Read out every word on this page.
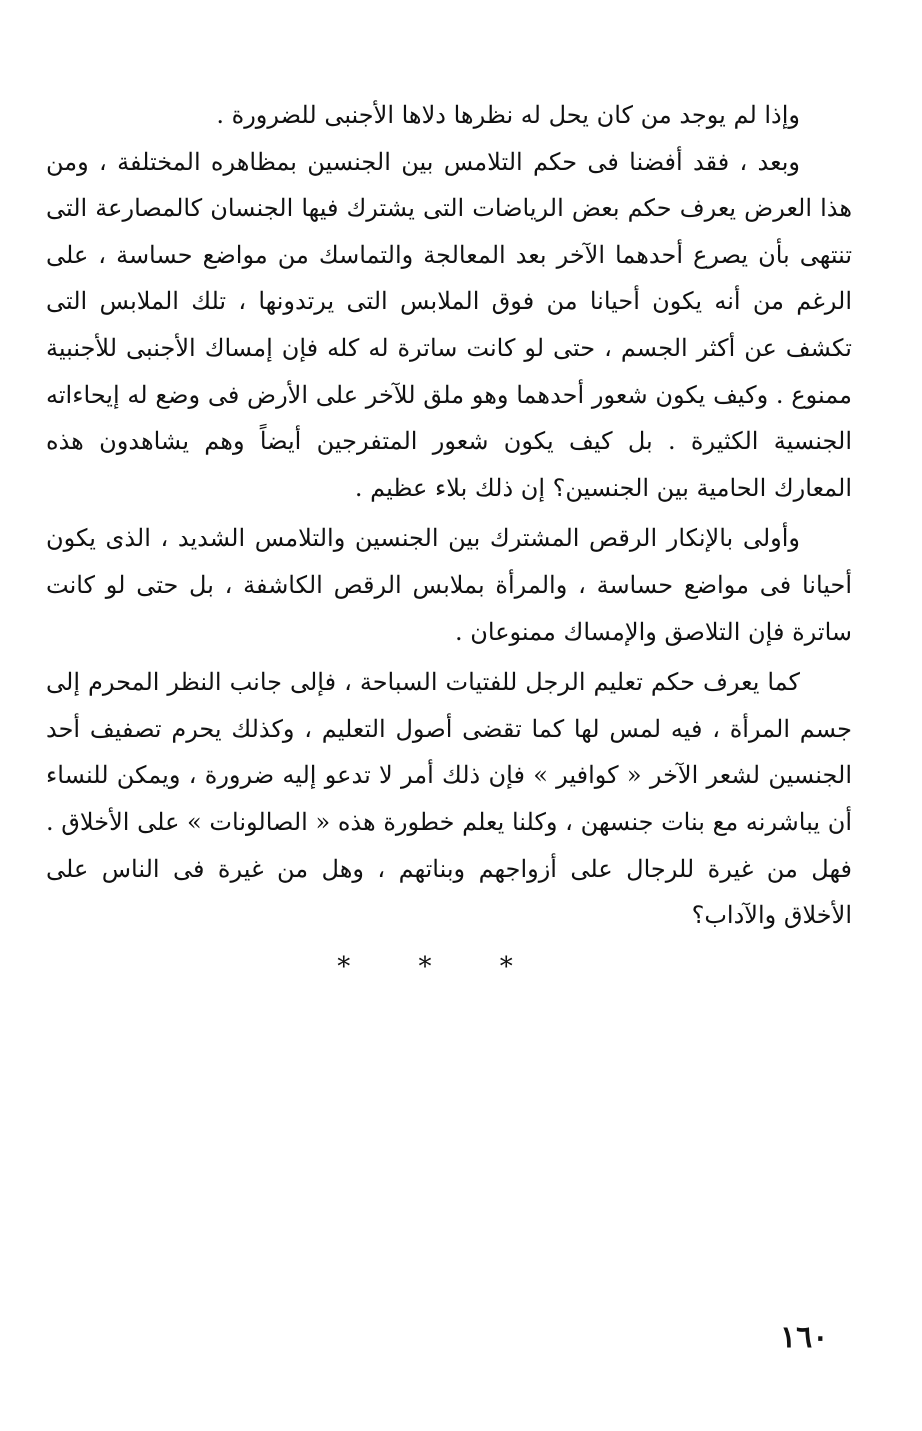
وإذا لم يوجد من كان يحل له نظرها دلاها الأجنبى للضرورة .

وبعد ، فقد أفضنا فى حكم التلامس بين الجنسين بمظاهره المختلفة ، ومن هذا العرض يعرف حكم بعض الرياضات التى يشترك فيها الجنسان كالمصارعة التى تنتهى بأن يصرع أحدهما الآخر بعد المعالجة والتماسك من مواضع حساسة ، على الرغم من أنه يكون أحيانا من فوق الملابس التى يرتدونها ، تلك الملابس التى تكشف عن أكثر الجسم ، حتى لو كانت ساترة له كله فإن إمساك الأجنبى للأجنبية ممنوع . وكيف يكون شعور أحدهما وهو ملق للآخر على الأرض فى وضع له إيحاءاته الجنسية الكثيرة . بل كيف يكون شعور المتفرجين أيضاً وهم يشاهدون هذه المعارك الحامية بين الجنسين؟ إن ذلك بلاء عظيم .

وأولى بالإنكار الرقص المشترك بين الجنسين والتلامس الشديد ، الذى يكون أحيانا فى مواضع حساسة ، والمرأة بملابس الرقص الكاشفة ، بل حتى لو كانت ساترة فإن التلاصق والإمساك ممنوعان .

كما يعرف حكم تعليم الرجل للفتيات السباحة ، فإلى جانب النظر المحرم إلى جسم المرأة ، فيه لمس لها كما تقضى أصول التعليم ، وكذلك يحرم تصفيف أحد الجنسين لشعر الآخر « كوافير » فإن ذلك أمر لا تدعو إليه ضرورة ، ويمكن للنساء أن يباشرنه مع بنات جنسهن ، وكلنا يعلم خطورة هذه « الصالونات » على الأخلاق . فهل من غيرة للرجال على أزواجهم وبناتهم ، وهل من غيرة فى الناس على الأخلاق والآداب؟

* * *
١٦٠
